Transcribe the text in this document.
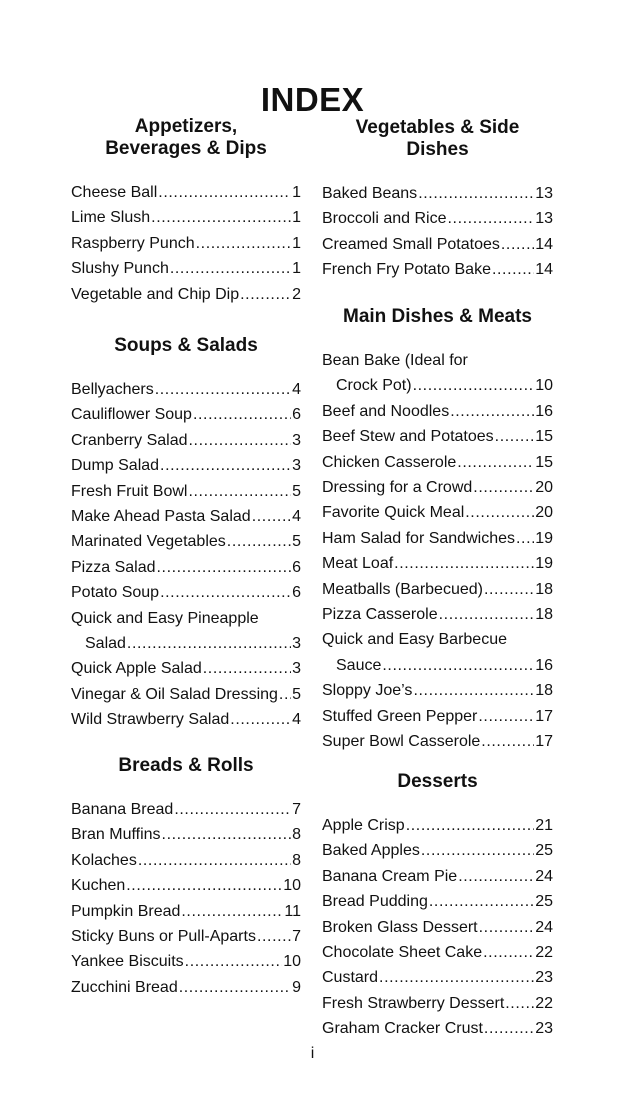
INDEX
Appetizers, Beverages & Dips
Cheese Ball .....	1
Lime Slush .....	1
Raspberry Punch .....	1
Slushy Punch .....	1
Vegetable and Chip Dip .....	2
Soups & Salads
Bellyachers .....	4
Cauliflower Soup .....	6
Cranberry Salad .....	3
Dump Salad .....	3
Fresh Fruit Bowl .....	5
Make Ahead Pasta Salad .....	4
Marinated Vegetables .....	5
Pizza Salad .....	6
Potato Soup .....	6
Quick and Easy Pineapple
Salad .....	3
Quick Apple Salad .....	3
Vinegar & Oil Salad Dressing ..... 5
Wild Strawberry Salad .....	4
Breads & Rolls
Banana Bread .....	7
Bran Muffins .....	8
Kolaches .....	8
Kuchen .....	10
Pumpkin Bread .....	11
Sticky Buns or Pull-Aparts ..... 7
Yankee Biscuits .....	10
Zucchini Bread .....	9
Vegetables & Side Dishes
Baked Beans .....	13
Broccoli and Rice .....	13
Creamed Small Potatoes ..... 14
French Fry Potato Bake .....	14
Main Dishes & Meats
Bean Bake (Ideal for
Crock Pot) .....	10
Beef and Noodles .....	16
Beef Stew and Potatoes .....	15
Chicken Casserole .....	15
Dressing for a Crowd .....	20
Favorite Quick Meal .....	20
Ham Salad for Sandwiches ..... 19
Meat Loaf .....	19
Meatballs (Barbecued) .....	18
Pizza Casserole .....	18
Quick and Easy Barbecue
Sauce .....	16
Sloppy Joe’s .....	18
Stuffed Green Pepper .....	17
Super Bowl Casserole .....	17
Desserts
Apple Crisp .....	21
Baked Apples .....	25
Banana Cream Pie .....	24
Bread Pudding .....	25
Broken Glass Dessert .....	24
Chocolate Sheet Cake .....	22
Custard .....	23
Fresh Strawberry Dessert ..... 22
Graham Cracker Crust .....	23
i
